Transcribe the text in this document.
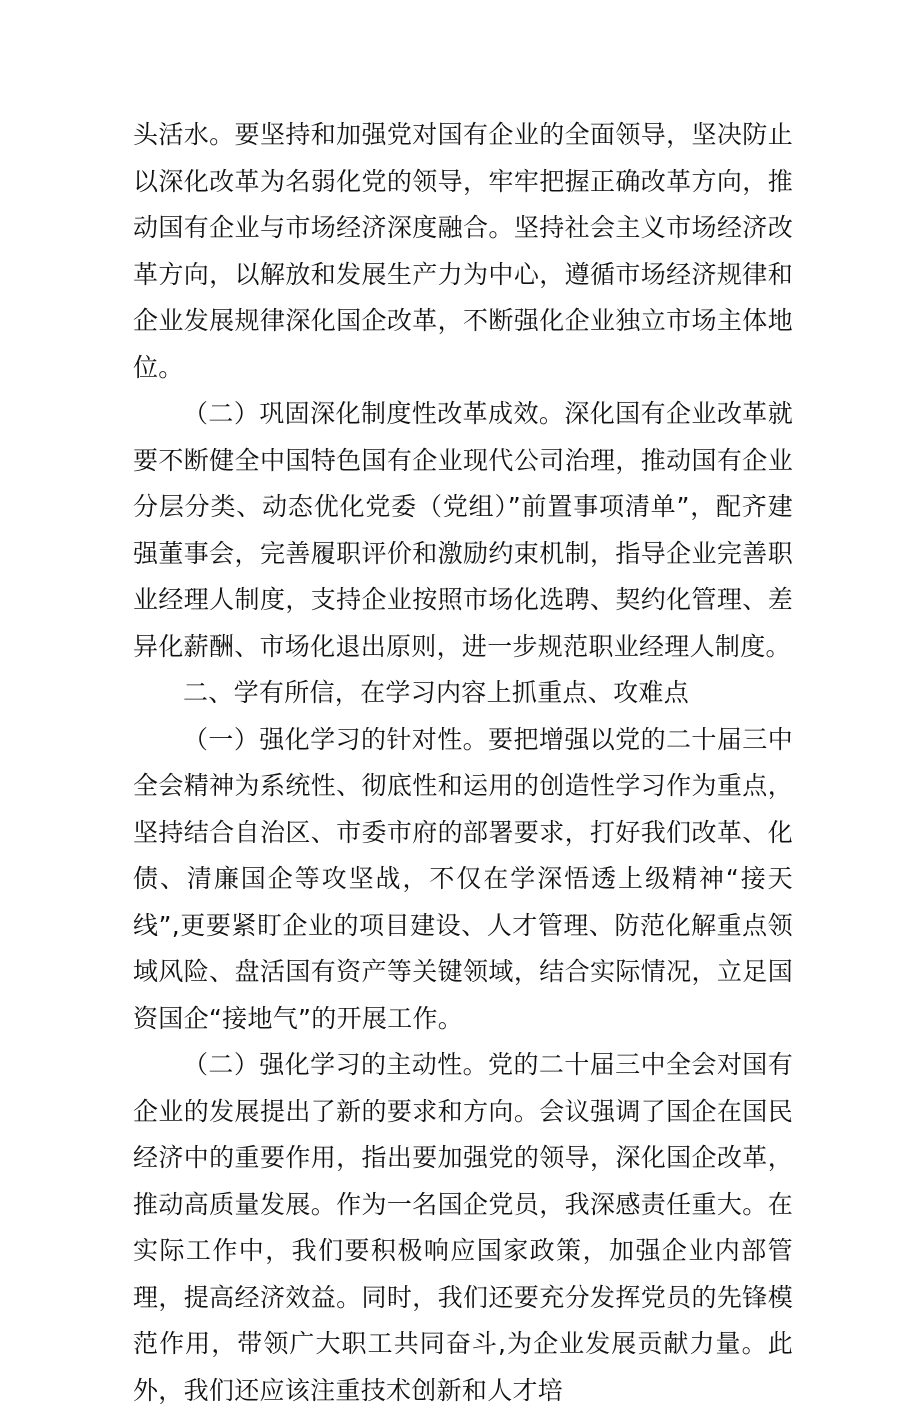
头活水。要坚持和加强党对国有企业的全面领导，坚决防止以深化改革为名弱化党的领导，牢牢把握正确改革方向，推动国有企业与市场经济深度融合。坚持社会主义市场经济改革方向，以解放和发展生产力为中心，遵循市场经济规律和企业发展规律深化国企改革，不断强化企业独立市场主体地位。

（二）巩固深化制度性改革成效。深化国有企业改革就要不断健全中国特色国有企业现代公司治理，推动国有企业分层分类、动态优化党委（党组）”前置事项清单”，配齐建强董事会，完善履职评价和激励约束机制，指导企业完善职业经理人制度，支持企业按照市场化选聘、契约化管理、差异化薪酬、市场化退出原则，进一步规范职业经理人制度。

二、学有所信，在学习内容上抓重点、攻难点

（一）强化学习的针对性。要把增强以党的二十届三中全会精神为系统性、彻底性和运用的创造性学习作为重点，坚持结合自治区、市委市府的部署要求，打好我们改革、化债、清廉国企等攻坚战，不仅在学深悟透上级精神“接天线”,更要紧盯企业的项目建设、人才管理、防范化解重点领域风险、盘活国有资产等关键领域，结合实际情况，立足国资国企“接地气”的开展工作。

（二）强化学习的主动性。党的二十届三中全会对国有企业的发展提出了新的要求和方向。会议强调了国企在国民经济中的重要作用，指出要加强党的领导，深化国企改革，推动高质量发展。作为一名国企党员，我深感责任重大。在实际工作中，我们要积极响应国家政策，加强企业内部管理，提高经济效益。同时，我们还要充分发挥党员的先锋模范作用，带领广大职工共同奋斗,为企业发展贡献力量。此外，我们还应该注重技术创新和人才培
